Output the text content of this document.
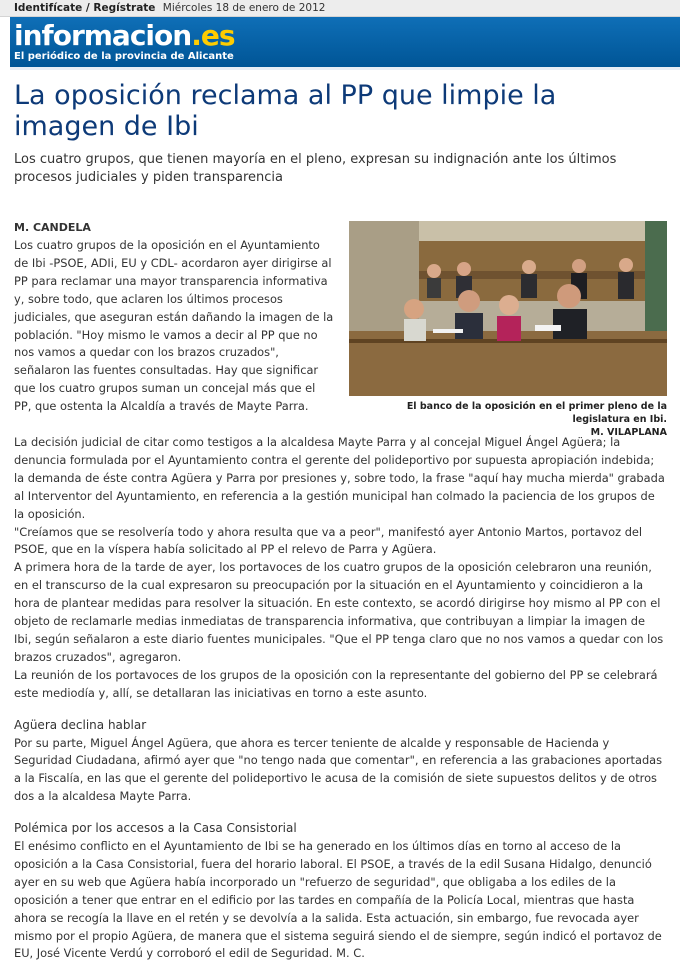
Identifícate / Regístrate Miércoles 18 de enero de 2012
informacion.es
El periódico de la provincia de Alicante
La oposición reclama al PP que limpie la imagen de Ibi
Los cuatro grupos, que tienen mayoría en el pleno, expresan su indignación ante los últimos procesos judiciales y piden transparencia
M. CANDELA
Los cuatro grupos de la oposición en el Ayuntamiento de Ibi -PSOE, ADIi, EU y CDL- acordaron ayer dirigirse al PP para reclamar una mayor transparencia informativa y, sobre todo, que aclaren los últimos procesos judiciales, que aseguran están dañando la imagen de la población. "Hoy mismo le vamos a decir al PP que no nos vamos a quedar con los brazos cruzados", señalaron las fuentes consultadas. Hay que significar que los cuatro grupos suman un concejal más que el PP, que ostenta la Alcaldía a través de Mayte Parra.	El banco de la oposición en el primer pleno de la legislatura en Ibi.
M. VILAPLANA

La decisión judicial de citar como testigos a la alcaldesa Mayte Parra y al concejal Miguel Ángel Agüera; la denuncia formulada por el Ayuntamiento contra el gerente del polideportivo por supuesta apropiación indebida; la demanda de éste contra Agüera y Parra por presiones y, sobre todo, la frase "aquí hay mucha mierda" grabada al Interventor del Ayuntamiento, en referencia a la gestión municipal han colmado la paciencia de los grupos de la oposición.

"Creíamos que se resolvería todo y ahora resulta que va a peor", manifestó ayer Antonio Martos, portavoz del PSOE, que en la víspera había solicitado al PP el relevo de Parra y Agüera.

A primera hora de la tarde de ayer, los portavoces de los cuatro grupos de la oposición celebraron una reunión, en el transcurso de la cual expresaron su preocupación por la situación en el Ayuntamiento y coincidieron a la hora de plantear medidas para resolver la situación. En este contexto, se acordó dirigirse hoy mismo al PP con el objeto de reclamarle medias inmediatas de transparencia informativa, que contribuyan a limpiar la imagen de Ibi, según señalaron a este diario fuentes municipales. "Que el PP tenga claro que no nos vamos a quedar con los brazos cruzados", agregaron.

La reunión de los portavoces de los grupos de la oposición con la representante del gobierno del PP se celebrará este mediodía y, allí, se detallaran las iniciativas en torno a este asunto.

Agüera declina hablar

Por su parte, Miguel Ángel Agüera, que ahora es tercer teniente de alcalde y responsable de Hacienda y Seguridad Ciudadana, afirmó ayer que "no tengo nada que comentar", en referencia a las grabaciones aportadas a la Fiscalía, en las que el gerente del polideportivo le acusa de la comisión de siete supuestos delitos y de otros dos a la alcaldesa Mayte Parra.

Polémica por los accesos a la Casa Consistorial

El enésimo conflicto en el Ayuntamiento de Ibi se ha generado en los últimos días en torno al acceso de la oposición a la Casa Consistorial, fuera del horario laboral. El PSOE, a través de la edil Susana Hidalgo, denunció ayer en su web que Agüera había incorporado un "refuerzo de seguridad", que obligaba a los ediles de la oposición a tener que entrar en el edificio por las tardes en compañía de la Policía Local, mientras que hasta ahora se recogía la llave en el retén y se devolvía a la salida. Esta actuación, sin embargo, fue revocada ayer mismo por el propio Agüera, de manera que el sistema seguirá siendo el de siempre, según indicó el portavoz de EU, José Vicente Verdú y corroboró el edil de Seguridad. M. C.
